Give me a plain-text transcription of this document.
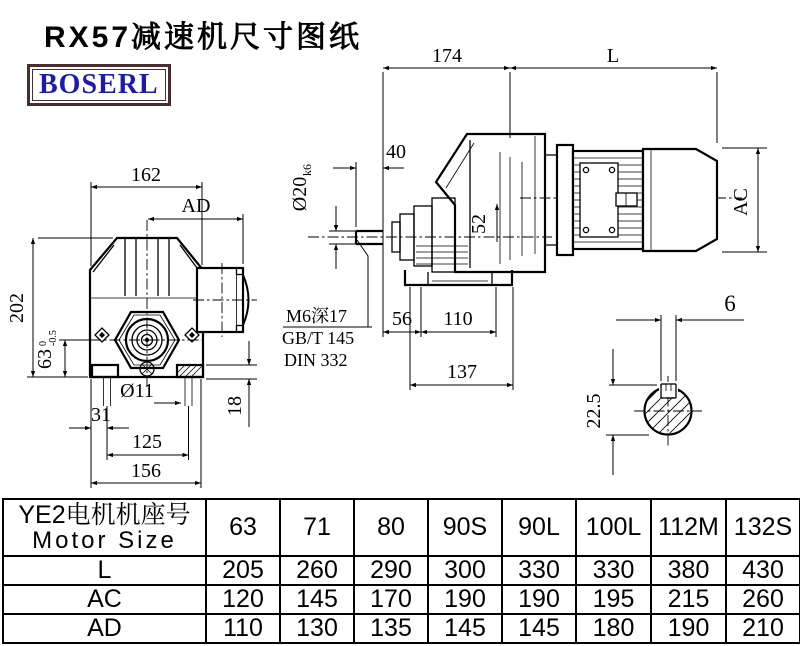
RX57减速机尺寸图纸
BOSERL
162
AD
202
63
0 -0.5
31
Ø11
125
156
18
174	L
40
Ø20
k6
52
56 110
137
AC
M6深17
GB/T 145
DIN 332
6
22.5
YE2电机机座号
Motor Size	63	71	80	90S	90L	100L	112M	132S
L	205	260	290	300	330	330	380	430
AC	120	145	170	190	190	195	215	260
AD	110	130	135	145	145	180	190	210
